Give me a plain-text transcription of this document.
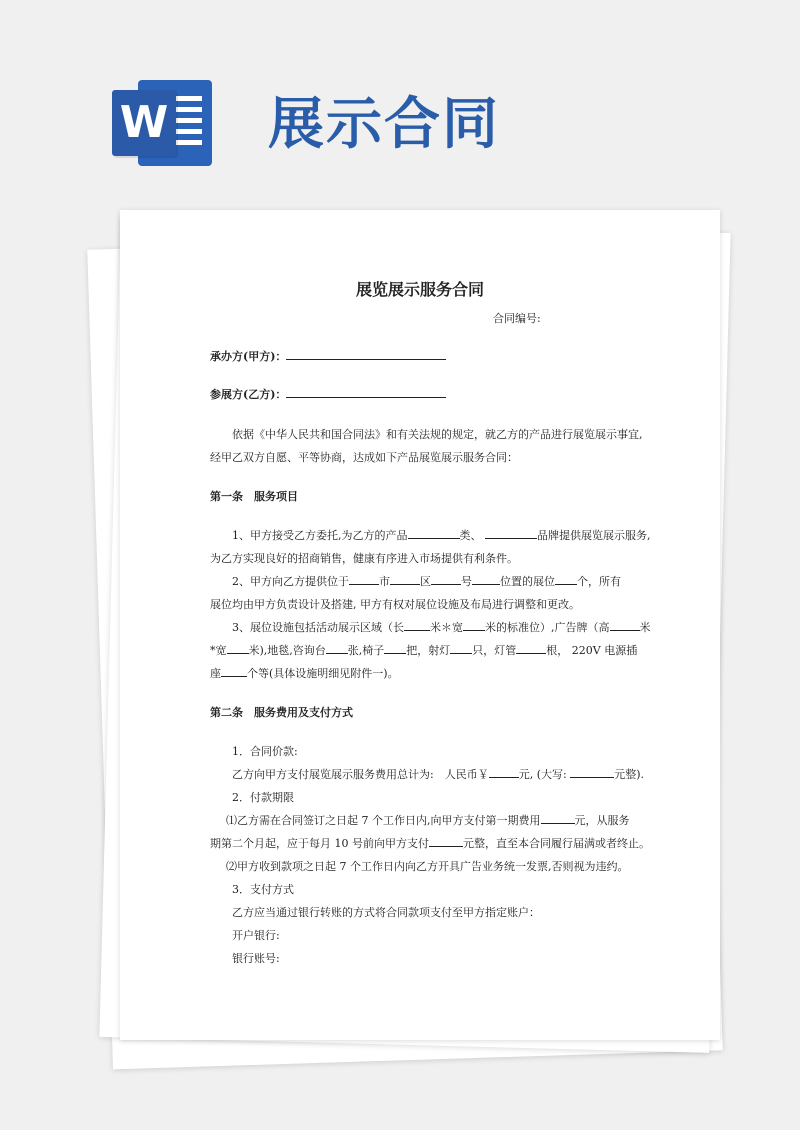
W 展示合同
展览展示服务合同
合同编号:
承办方(甲方)：
参展方(乙方)：
依据《中华人民共和国合同法》和有关法规的规定，就乙方的产品进行展览展示事宜,
经甲乙双方自愿、平等协商，达成如下产品展览展示服务合同：
第一条　服务项目
1、甲方接受乙方委托,为乙方的产品	类、	品牌提供展览展示服务,
为乙方实现良好的招商销售，健康有序进入市场提供有利条件。
2、甲方向乙方提供位于	市	区	号	位置的展位 个，所有
展位均由甲方负责设计及搭建, 甲方有权对展位设施及布局进行调整和更改。
3、展位设施包括活动展示区域（长 米＊宽 米的标准位）,广告牌（高	米
*宽 米),地毯,咨询台 张,椅子 把，射灯 只，灯管	根， 220V 电源插
座 个等(具体设施明细见附件一)。
第二条　服务费用及支付方式
1．合同价款:
乙方向甲方支付展览展示服务费用总计为:　人民币￥	元, (大写:	元整).
2．付款期限
⑴乙方需在合同签订之日起 7 个工作日内,向甲方支付第一期费用	元，从服务
期第二个月起，应于每月 10 号前向甲方支付	元整，直至本合同履行届满或者终止。
⑵甲方收到款项之日起 7 个工作日内向乙方开具广告业务统一发票,否则视为违约。
3．支付方式
乙方应当通过银行转账的方式将合同款项支付至甲方指定账户：
开户银行:
银行账号:
